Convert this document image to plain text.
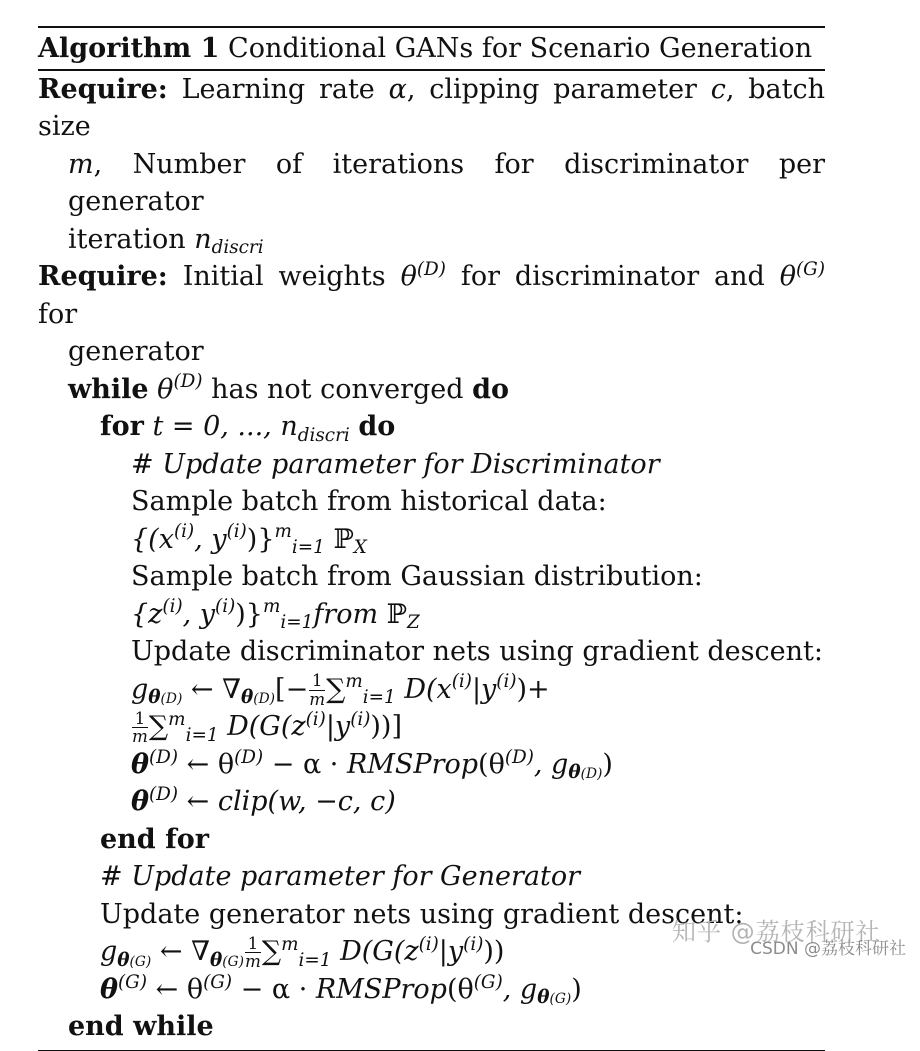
Algorithm 1 Conditional GANs for Scenario Generation
Require: Learning rate α, clipping parameter c, batch size
m, Number of iterations for discriminator per generator
iteration $n_{discri}$
Require: Initial weights $\theta^{(D)}$ for discriminator and $\theta^{(G)}$ for
generator
while $\theta^{(D)}$ has not converged do
for t = 0, ..., $n_{discri}$ do
# Update parameter for Discriminator
Sample batch from historical data:
{($x^{(i)}$, $y^{(i)})\}^m_{i=1}$ ℙ$_X$
Sample batch from Gaussian distribution:
{$z^{(i)}$, $y^{(i)})\}^m_{i=1}from$ ℙ$_Z$
Update discriminator nets using gradient descent:
$g_{\theta(D)}$ ← $\nabla_{\theta(D)}[- \frac{1}{m} \sum^m_{i=1}$ $D(x^{(i)}|y^{(i)})+$
$\frac{1}{m} \sum^m_{i=1}$ $D(G(z^{(i)}|y^{(i)}))$]
$\theta^{(D)}$ ← $\theta^{(D)} - \alpha$ · $RMSProp(\theta^{(D)}$, $g_{\theta(D)}$)
$\theta^{(D)}$ ← clip(w, −c, c)
end for
# Update parameter for Generator
Update generator nets using gradient descent:
$g_{\theta(G)}$ ← $\nabla_{\theta(G)} \frac{1}{m} \sum^m_{i=1}$ $D(G(z^{(i)}|y^{(i)}))$
$\theta^{(G)}$ ← $\theta^{(G)} - \alpha$ · $RMSProp(\theta^{(G)}$, $g_{\theta(G)}$)
end while
知乎 @荔枝科研社
CSDN @荔枝科研社
